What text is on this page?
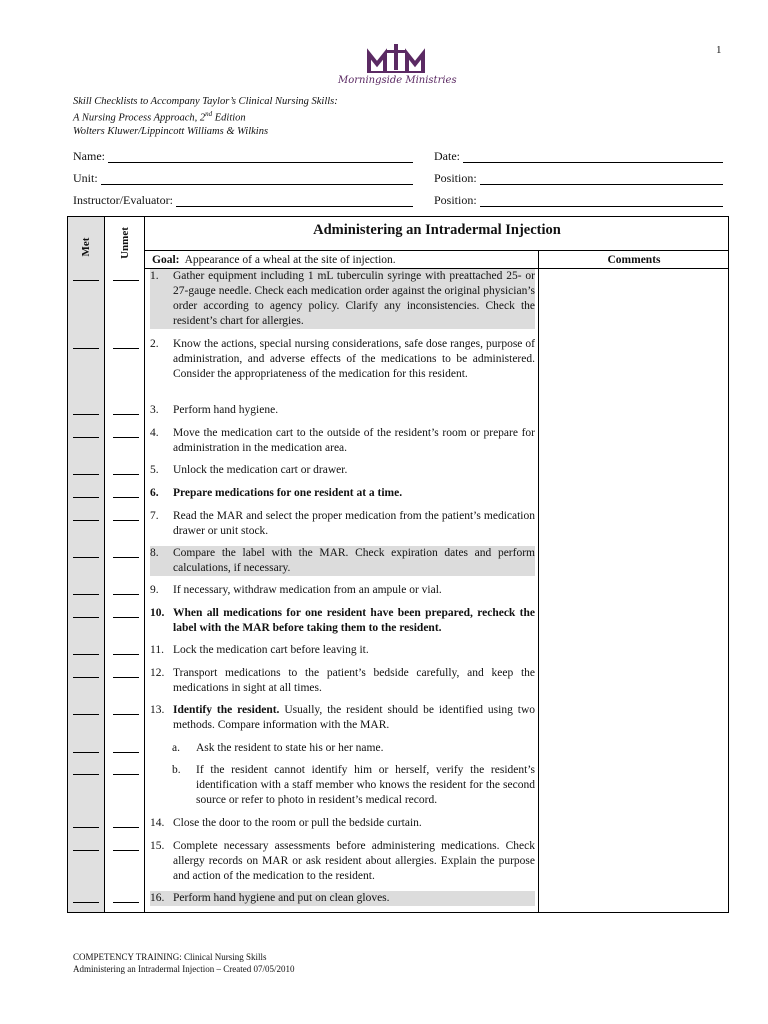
1
Morningside Ministries
Skill Checklists to Accompany Taylor’s Clinical Nursing Skills:
A Nursing Process Approach, 2nd Edition
Wolters Kluwer/Lippincott Williams & Wilkins
Name:	Date:
Unit:	Position:
Instructor/Evaluator:	Position:
Met Unmet	Administering an Intradermal Injection
Goal: Appearance of a wheal at the site of injection.	Comments
1. Gather equipment including 1 mL tuberculin syringe with preattached 25- or 27-gauge needle. Check each medication order against the original physician’s order according to agency policy. Clarify any inconsistencies. Check the resident’s chart for allergies.
2. Know the actions, special nursing considerations, safe dose ranges, purpose of administration, and adverse effects of the medications to be administered. Consider the appropriateness of the medication for this resident.
3. Perform hand hygiene.
4. Move the medication cart to the outside of the resident’s room or prepare for administration in the medication area.
5. Unlock the medication cart or drawer.
6. Prepare medications for one resident at a time.
7. Read the MAR and select the proper medication from the patient’s medication drawer or unit stock.
8. Compare the label with the MAR. Check expiration dates and perform calculations, if necessary.
9. If necessary, withdraw medication from an ampule or vial.
10. When all medications for one resident have been prepared, recheck the label with the MAR before taking them to the resident.
11. Lock the medication cart before leaving it.
12. Transport medications to the patient’s bedside carefully, and keep the medications in sight at all times.
13. Identify the resident. Usually, the resident should be identified using two methods. Compare information with the MAR.
a. Ask the resident to state his or her name.
b. If the resident cannot identify him or herself, verify the resident’s identification with a staff member who knows the resident for the second source or refer to photo in resident’s medical record.
14. Close the door to the room or pull the bedside curtain.
15. Complete necessary assessments before administering medications. Check allergy records on MAR or ask resident about allergies. Explain the purpose and action of the medication to the resident.
16. Perform hand hygiene and put on clean gloves.
COMPETENCY TRAINING: Clinical Nursing Skills
Administering an Intradermal Injection – Created 07/05/2010
